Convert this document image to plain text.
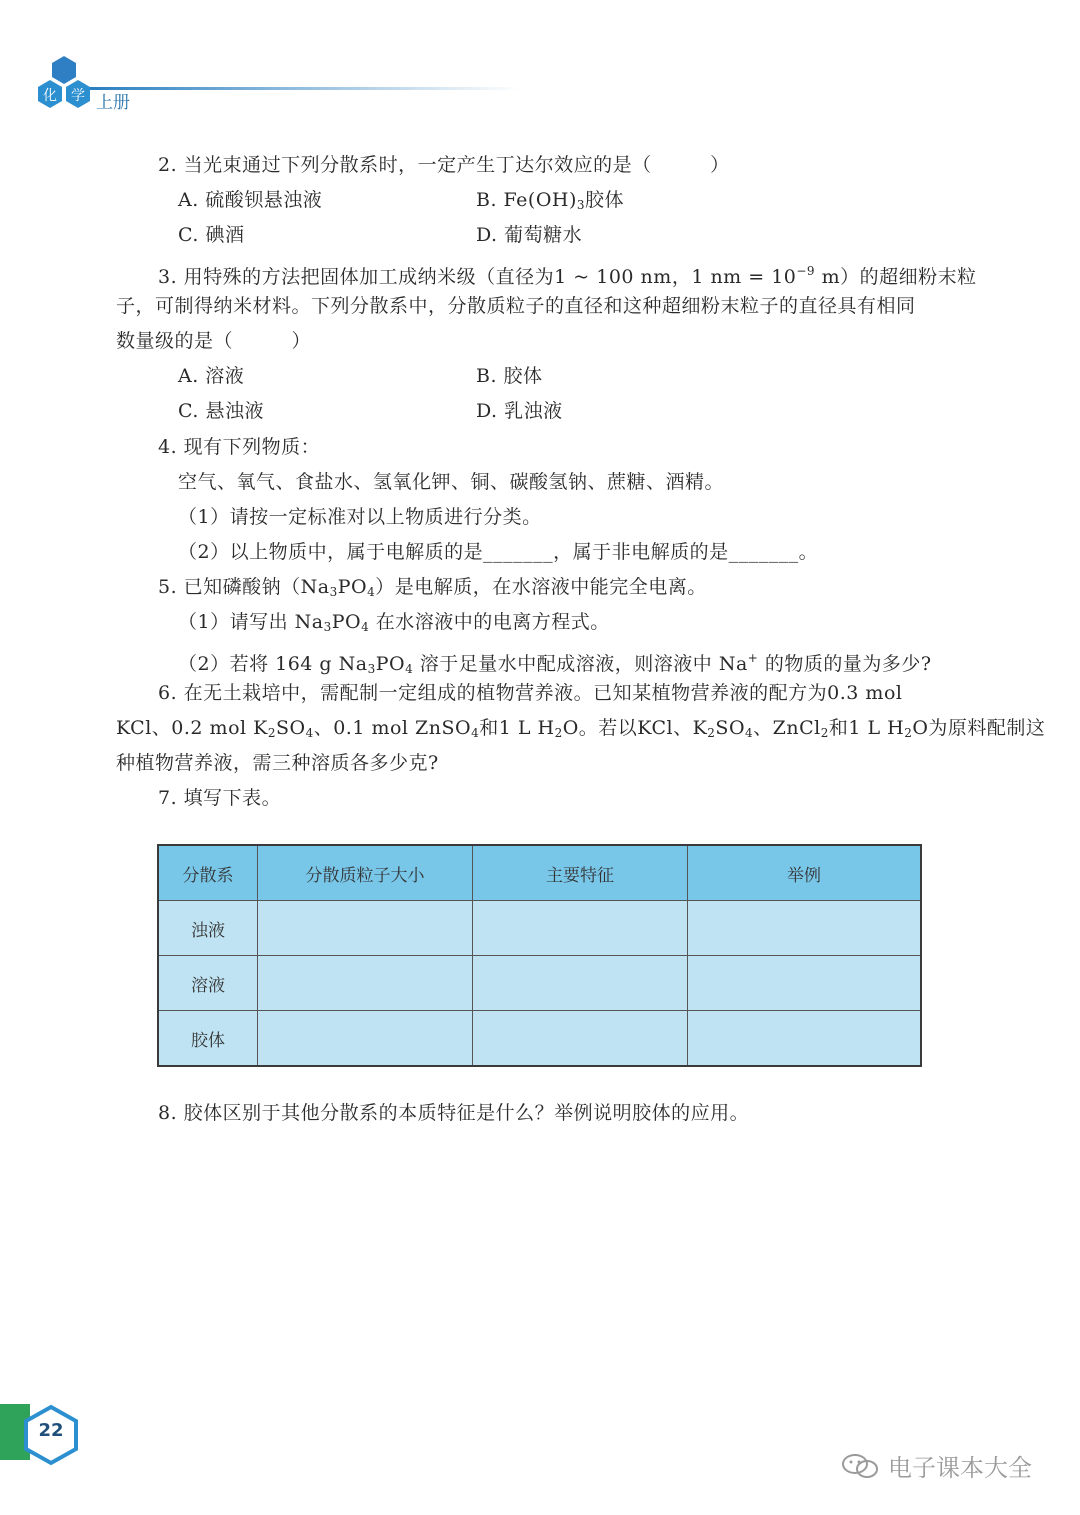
化 学 上册
2. 当光束通过下列分散系时，一定产生丁达尔效应的是（　　　）
A. 硫酸钡悬浊液	B. $Fe(OH)_3$胶体
C. 碘酒	D. 葡萄糖水
3. 用特殊的方法把固体加工成纳米级（直径为1 ~ 100 nm，1 nm = $10^{-9}$ m）的超细粉末粒
子，可制得纳米材料。下列分散系中，分散质粒子的直径和这种超细粉末粒子的直径具有相同
数量级的是（　　　）
A. 溶液	B. 胶体
C. 悬浊液	D. 乳浊液
4. 现有下列物质：
空气、氧气、食盐水、氢氧化钾、铜、碳酸氢钠、蔗糖、酒精。
（1）请按一定标准对以上物质进行分类。
（2）以上物质中，属于电解质的是_______，属于非电解质的是_______。
5. 已知磷酸钠$(Na_3PO_4)$是电解质，在水溶液中能完全电离。
（1）请写出 $Na_3PO_4$ 在水溶液中的电离方程式。
（2）若将 164 g $Na_3PO_4$ 溶于足量水中配成溶液，则溶液中 Na+ 的物质的量为多少?
6. 在无土栽培中，需配制一定组成的植物营养液。已知某植物营养液的配方为0.3 mol
KCl、0.2 mol $K_2SO_4$、0.1 mol ZnSO$_4$和1 L $H_2O$。若以KCl、$K_2SO_4$、ZnCl$_2$和1 L $H_2O$为原料配制这
种植物营养液，需三种溶质各多少克?
7. 填写下表。
分散系	分散质粒子大小	主要特征	举例
浊液			
溶液			
胶体			
8. 胶体区别于其他分散系的本质特征是什么？举例说明胶体的应用。
22
电子课本大全
